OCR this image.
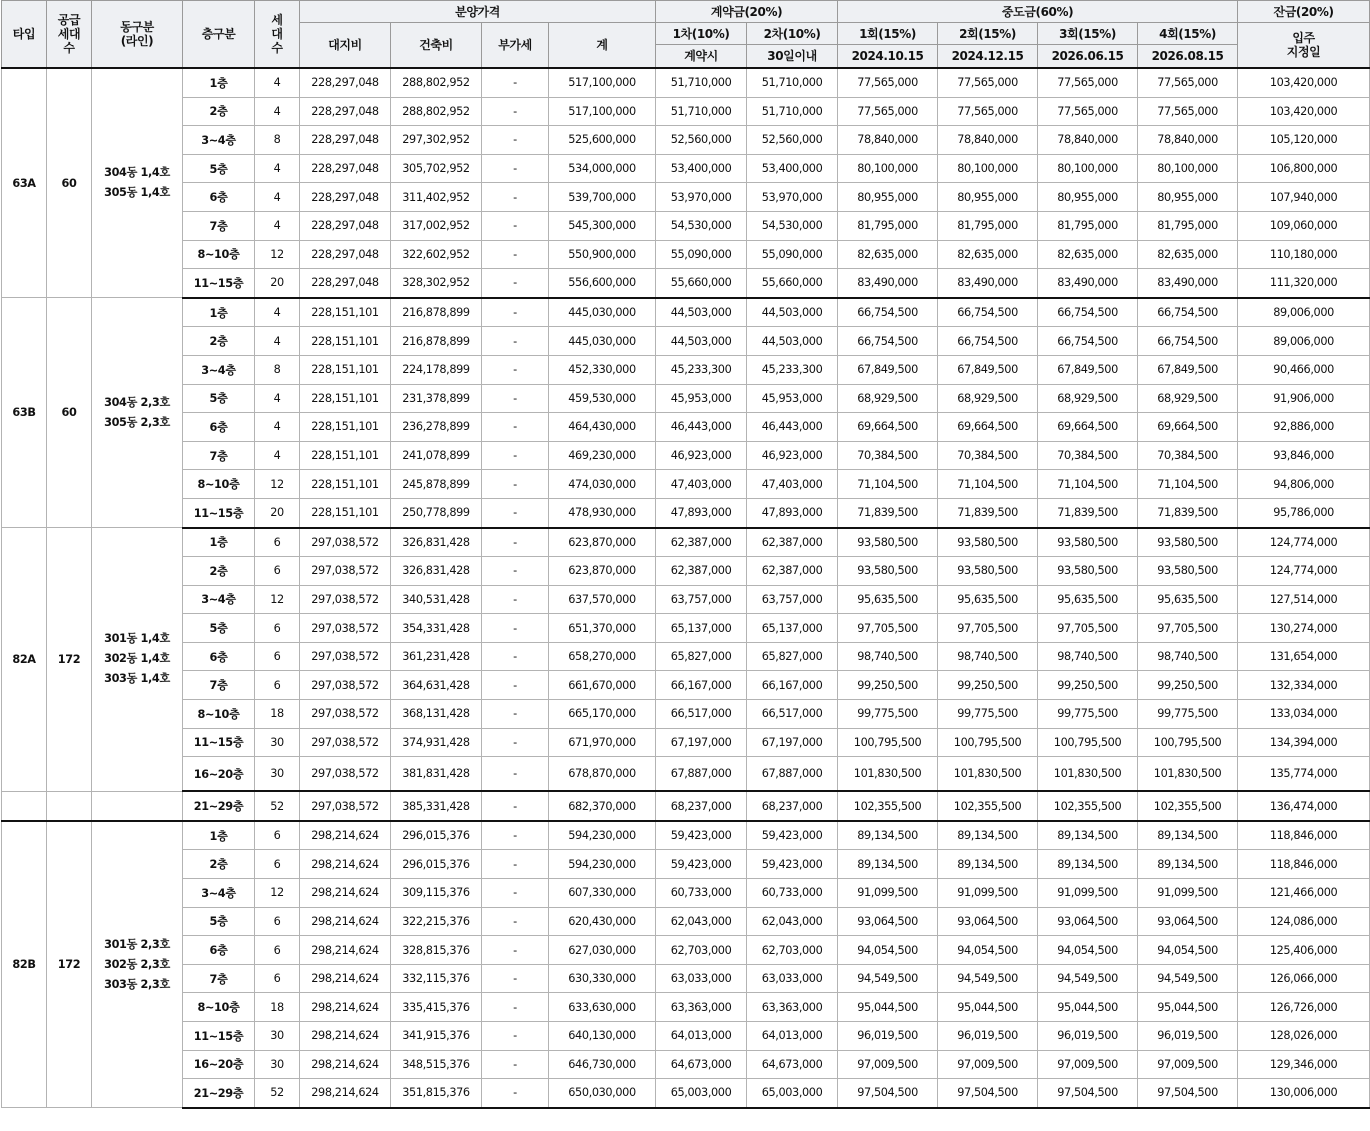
타입	공급
세대
수	동구분
(라인)	층구분	세
대
수	분양가격				계약금(20%)		중도금(60%)				잔금(20%)
					대지비	건축비	부가세	계	1차(10%)	2차(10%)	1회(15%)	2회(15%)	3회(15%)	4회(15%)	입주
지정일
									계약시	30일이내	2024.10.15	2024.12.15	2026.06.15	2026.08.15	
63A	60	304동 1,4호
305동 1,4호	1층	4	228,297,048	288,802,952	-	517,100,000	51,710,000	51,710,000	77,565,000	77,565,000	77,565,000	77,565,000	103,420,000
			2층	4	228,297,048	288,802,952	-	517,100,000	51,710,000	51,710,000	77,565,000	77,565,000	77,565,000	77,565,000	103,420,000
			3~4층	8	228,297,048	297,302,952	-	525,600,000	52,560,000	52,560,000	78,840,000	78,840,000	78,840,000	78,840,000	105,120,000
			5층	4	228,297,048	305,702,952	-	534,000,000	53,400,000	53,400,000	80,100,000	80,100,000	80,100,000	80,100,000	106,800,000
			6층	4	228,297,048	311,402,952	-	539,700,000	53,970,000	53,970,000	80,955,000	80,955,000	80,955,000	80,955,000	107,940,000
			7층	4	228,297,048	317,002,952	-	545,300,000	54,530,000	54,530,000	81,795,000	81,795,000	81,795,000	81,795,000	109,060,000
			8~10층	12	228,297,048	322,602,952	-	550,900,000	55,090,000	55,090,000	82,635,000	82,635,000	82,635,000	82,635,000	110,180,000
			11~15층	20	228,297,048	328,302,952	-	556,600,000	55,660,000	55,660,000	83,490,000	83,490,000	83,490,000	83,490,000	111,320,000
63B	60	304동 2,3호
305동 2,3호	1층	4	228,151,101	216,878,899	-	445,030,000	44,503,000	44,503,000	66,754,500	66,754,500	66,754,500	66,754,500	89,006,000
			2층	4	228,151,101	216,878,899	-	445,030,000	44,503,000	44,503,000	66,754,500	66,754,500	66,754,500	66,754,500	89,006,000
			3~4층	8	228,151,101	224,178,899	-	452,330,000	45,233,300	45,233,300	67,849,500	67,849,500	67,849,500	67,849,500	90,466,000
			5층	4	228,151,101	231,378,899	-	459,530,000	45,953,000	45,953,000	68,929,500	68,929,500	68,929,500	68,929,500	91,906,000
			6층	4	228,151,101	236,278,899	-	464,430,000	46,443,000	46,443,000	69,664,500	69,664,500	69,664,500	69,664,500	92,886,000
			7층	4	228,151,101	241,078,899	-	469,230,000	46,923,000	46,923,000	70,384,500	70,384,500	70,384,500	70,384,500	93,846,000
			8~10층	12	228,151,101	245,878,899	-	474,030,000	47,403,000	47,403,000	71,104,500	71,104,500	71,104,500	71,104,500	94,806,000
			11~15층	20	228,151,101	250,778,899	-	478,930,000	47,893,000	47,893,000	71,839,500	71,839,500	71,839,500	71,839,500	95,786,000
82A	172	301동 1,4호
302동 1,4호
303동 1,4호	1층	6	297,038,572	326,831,428	-	623,870,000	62,387,000	62,387,000	93,580,500	93,580,500	93,580,500	93,580,500	124,774,000
			2층	6	297,038,572	326,831,428	-	623,870,000	62,387,000	62,387,000	93,580,500	93,580,500	93,580,500	93,580,500	124,774,000
			3~4층	12	297,038,572	340,531,428	-	637,570,000	63,757,000	63,757,000	95,635,500	95,635,500	95,635,500	95,635,500	127,514,000
			5층	6	297,038,572	354,331,428	-	651,370,000	65,137,000	65,137,000	97,705,500	97,705,500	97,705,500	97,705,500	130,274,000
			6층	6	297,038,572	361,231,428	-	658,270,000	65,827,000	65,827,000	98,740,500	98,740,500	98,740,500	98,740,500	131,654,000
			7층	6	297,038,572	364,631,428	-	661,670,000	66,167,000	66,167,000	99,250,500	99,250,500	99,250,500	99,250,500	132,334,000
			8~10층	18	297,038,572	368,131,428	-	665,170,000	66,517,000	66,517,000	99,775,500	99,775,500	99,775,500	99,775,500	133,034,000
			11~15층	30	297,038,572	374,931,428	-	671,970,000	67,197,000	67,197,000	100,795,500	100,795,500	100,795,500	100,795,500	134,394,000
			16~20층	30	297,038,572	381,831,428	-	678,870,000	67,887,000	67,887,000	101,830,500	101,830,500	101,830,500	101,830,500	135,774,000
			21~29층	52	297,038,572	385,331,428	-	682,370,000	68,237,000	68,237,000	102,355,500	102,355,500	102,355,500	102,355,500	136,474,000
82B	172	301동 2,3호
302동 2,3호
303동 2,3호	1층	6	298,214,624	296,015,376	-	594,230,000	59,423,000	59,423,000	89,134,500	89,134,500	89,134,500	89,134,500	118,846,000
			2층	6	298,214,624	296,015,376	-	594,230,000	59,423,000	59,423,000	89,134,500	89,134,500	89,134,500	89,134,500	118,846,000
			3~4층	12	298,214,624	309,115,376	-	607,330,000	60,733,000	60,733,000	91,099,500	91,099,500	91,099,500	91,099,500	121,466,000
			5층	6	298,214,624	322,215,376	-	620,430,000	62,043,000	62,043,000	93,064,500	93,064,500	93,064,500	93,064,500	124,086,000
			6층	6	298,214,624	328,815,376	-	627,030,000	62,703,000	62,703,000	94,054,500	94,054,500	94,054,500	94,054,500	125,406,000
			7층	6	298,214,624	332,115,376	-	630,330,000	63,033,000	63,033,000	94,549,500	94,549,500	94,549,500	94,549,500	126,066,000
			8~10층	18	298,214,624	335,415,376	-	633,630,000	63,363,000	63,363,000	95,044,500	95,044,500	95,044,500	95,044,500	126,726,000
			11~15층	30	298,214,624	341,915,376	-	640,130,000	64,013,000	64,013,000	96,019,500	96,019,500	96,019,500	96,019,500	128,026,000
			16~20층	30	298,214,624	348,515,376	-	646,730,000	64,673,000	64,673,000	97,009,500	97,009,500	97,009,500	97,009,500	129,346,000
			21~29층	52	298,214,624	351,815,376	-	650,030,000	65,003,000	65,003,000	97,504,500	97,504,500	97,504,500	97,504,500	130,006,000
